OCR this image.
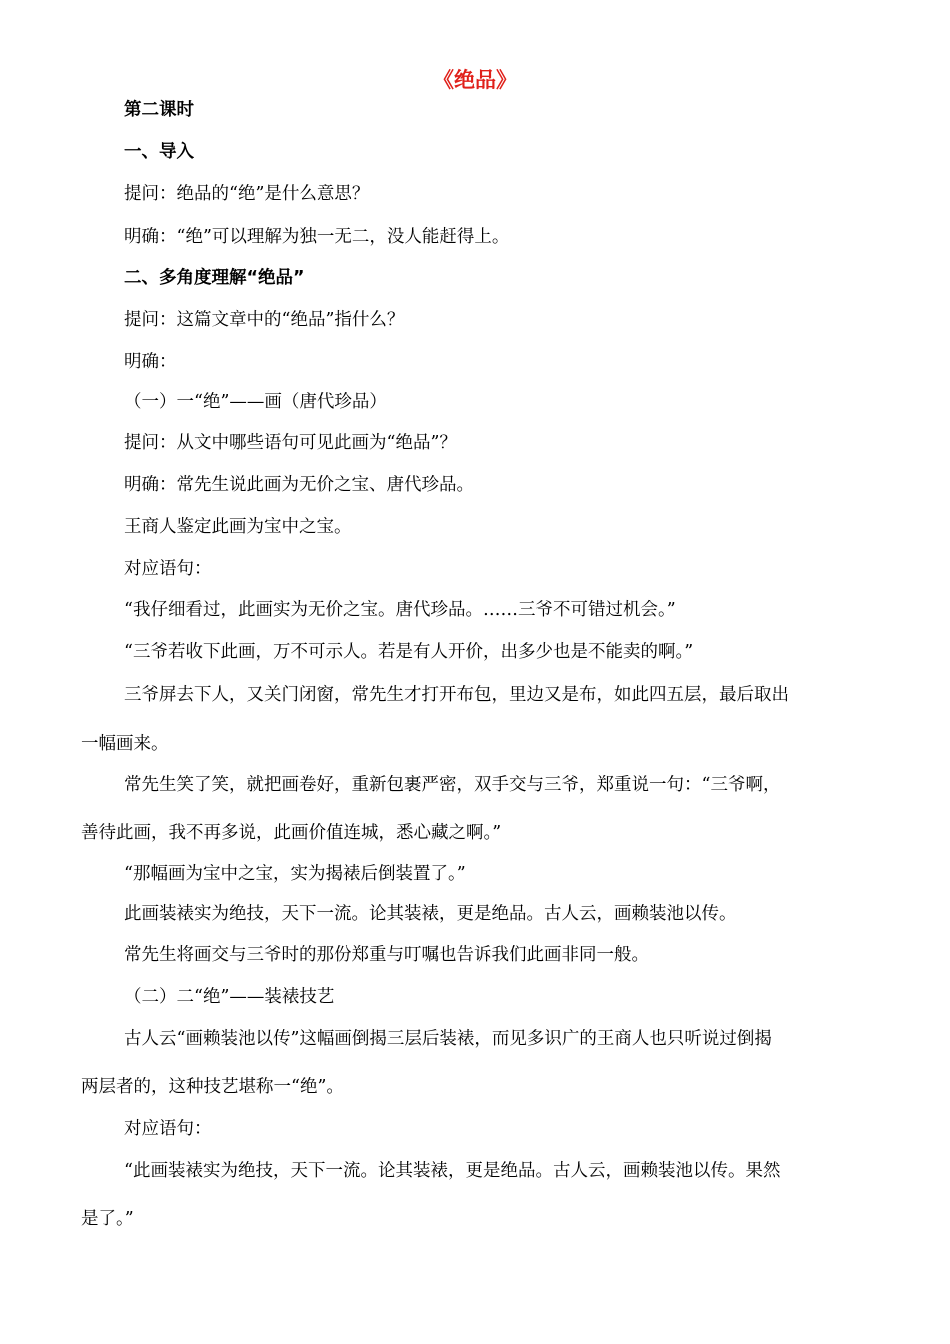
《绝品》
第二课时
一、导入
提问：绝品的“绝”是什么意思？
明确：“绝”可以理解为独一无二，没人能赶得上。
二、多角度理解“绝品”
提问：这篇文章中的“绝品”指什么？
明确：
（一）一“绝”——画（唐代珍品）
提问：从文中哪些语句可见此画为“绝品”？
明确：常先生说此画为无价之宝、唐代珍品。
王商人鉴定此画为宝中之宝。
对应语句：
“我仔细看过，此画实为无价之宝。唐代珍品。……三爷不可错过机会。”
“三爷若收下此画，万不可示人。若是有人开价，出多少也是不能卖的啊。”
三爷屏去下人，又关门闭窗，常先生才打开布包，里边又是布，如此四五层，最后取出
一幅画来。
常先生笑了笑，就把画卷好，重新包裹严密，双手交与三爷，郑重说一句：“三爷啊，
善待此画，我不再多说，此画价值连城，悉心藏之啊。”
“那幅画为宝中之宝，实为揭裱后倒装置了。”
此画装裱实为绝技，天下一流。论其装裱，更是绝品。古人云，画赖装池以传。
常先生将画交与三爷时的那份郑重与叮嘱也告诉我们此画非同一般。
（二）二“绝”——装裱技艺
古人云“画赖装池以传”这幅画倒揭三层后装裱，而见多识广的王商人也只听说过倒揭
两层者的，这种技艺堪称一“绝”。
对应语句：
“此画装裱实为绝技，天下一流。论其装裱，更是绝品。古人云，画赖装池以传。果然
是了。”
